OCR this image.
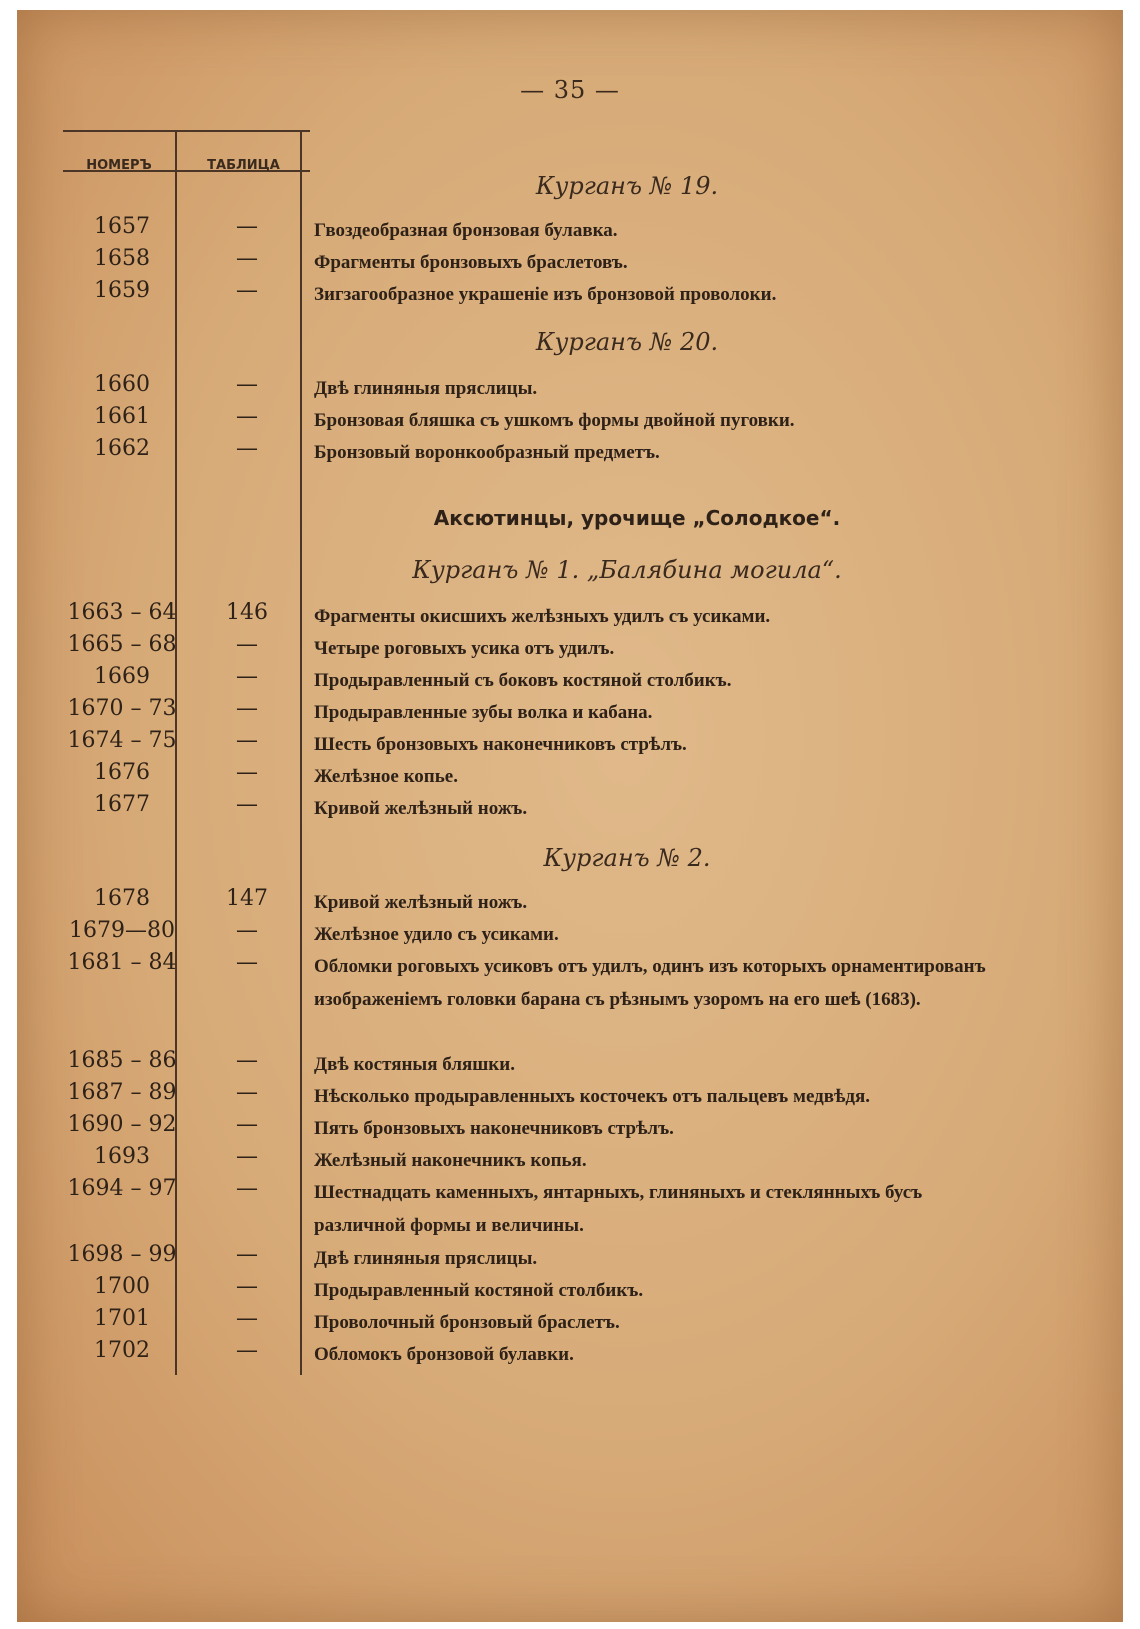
— 35 —
НОМЕРЪ	ТАБЛИЦА
Курганъ № 19.
1657	—	Гвоздеобразная бронзовая булавка.
1658	—	Фрагменты бронзовыхъ браслетовъ.
1659	—	Зигзагообразное украшеніе изъ бронзовой проволоки.
Курганъ № 20.
1660	—	Двѣ глиняныя пряслицы.
1661	—	Бронзовая бляшка съ ушкомъ формы двойной пуговки.
1662	—	Бронзовый воронкообразный предметъ.
Аксютинцы, урочище „Солодкое“.
Курганъ № 1. „Балябина могила“.
1663 – 64	146	Фрагменты окисшихъ желѣзныхъ удилъ съ усиками.
1665 – 68	—	Четыре роговыхъ усика отъ удилъ.
1669	—	Продыравленный съ боковъ костяной столбикъ.
1670 – 73	—	Продыравленные зубы волка и кабана.
1674 – 75	—	Шесть бронзовыхъ наконечниковъ стрѣлъ.
1676	—	Желѣзное копье.
1677	—	Кривой желѣзный ножъ.
Курганъ № 2.
1678	147	Кривой желѣзный ножъ.
1679—80	—	Желѣзное удило съ усиками.
1681 – 84	—	Обломки роговыхъ усиковъ отъ удилъ, одинъ изъ которыхъ орнаментированъ изображеніемъ головки барана съ рѣзнымъ узоромъ на его шеѣ (1683).
1685 – 86	—	Двѣ костяныя бляшки.
1687 – 89	—	Нѣсколько продыравленныхъ косточекъ отъ пальцевъ медвѣдя.
1690 – 92	—	Пять бронзовыхъ наконечниковъ стрѣлъ.
1693	—	Желѣзный наконечникъ копья.
1694 – 97	—	Шестнадцать каменныхъ, янтарныхъ, глиняныхъ и стеклянныхъ бусъ различной формы и величины.
1698 – 99	—	Двѣ глиняныя пряслицы.
1700	—	Продыравленный костяной столбикъ.
1701	—	Проволочный бронзовый браслетъ.
1702	—	Обломокъ бронзовой булавки.
